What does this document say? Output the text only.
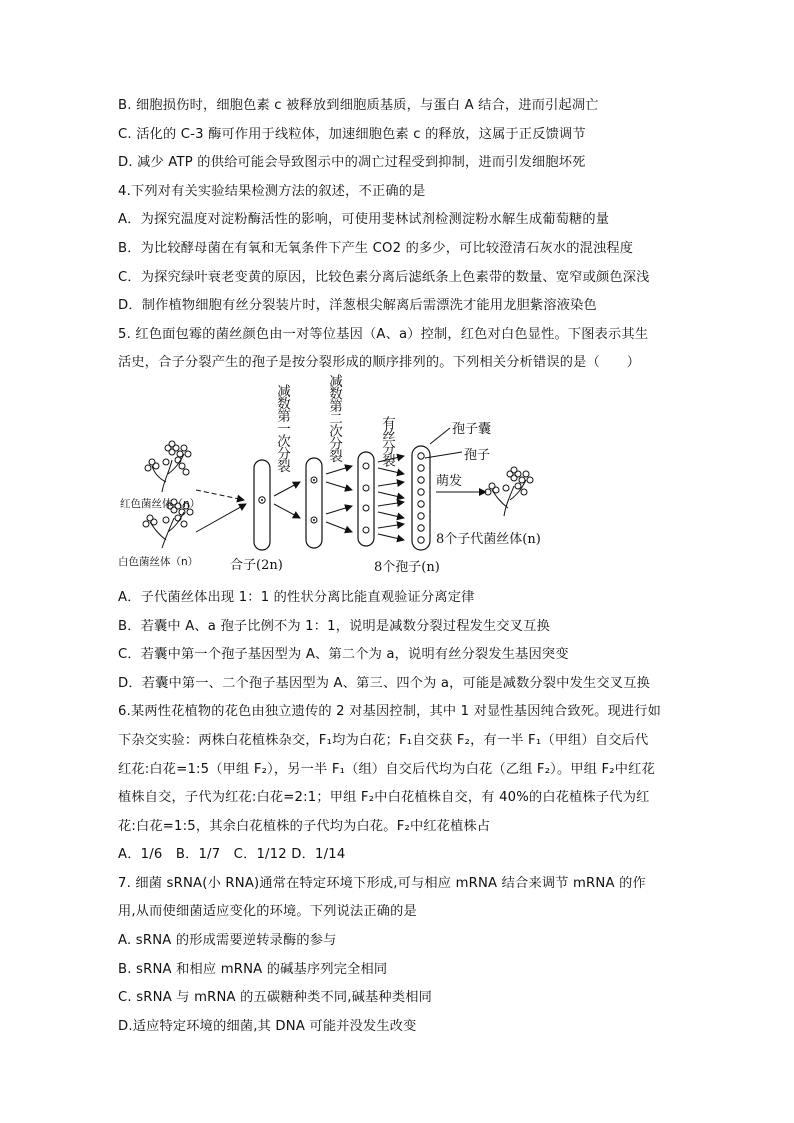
B. 细胞损伤时，细胞色素 c 被释放到细胞质基质，与蛋白 A 结合，进而引起凋亡
C. 活化的 C-3 酶可作用于线粒体，加速细胞色素 c 的释放，这属于正反馈调节
D. 减少 ATP 的供给可能会导致图示中的凋亡过程受到抑制，进而引发细胞坏死
4.下列对有关实验结果检测方法的叙述，不正确的是
A．为探究温度对淀粉酶活性的影响，可使用斐林试剂检测淀粉水解生成葡萄糖的量
B．为比较酵母菌在有氧和无氧条件下产生 CO2 的多少，可比较澄清石灰水的混浊程度
C．为探究绿叶衰老变黄的原因，比较色素分离后滤纸条上色素带的数量、宽窄或颜色深浅
D．制作植物细胞有丝分裂装片时，洋葱根尖解离后需漂洗才能用龙胆紫溶液染色
5. 红色面包霉的菌丝颜色由一对等位基因（A、a）控制，红色对白色显性。下图表示其生
活史，合子分裂产生的孢子是按分裂形成的顺序排列的。下列相关分析错误的是（　　）
红色菌丝体（n）
白色菌丝体（n） 合子(2n)
减数第一次分裂	减数第二次分裂	有丝分裂	孢子囊
孢子
萌发
8个孢子(n)
8个子代菌丝体(n)
A．子代菌丝体出现 1：1 的性状分离比能直观验证分离定律
B．若囊中 A、a 孢子比例不为 1：1，说明是减数分裂过程发生交叉互换
C．若囊中第一个孢子基因型为 A、第二个为 a，说明有丝分裂发生基因突变
D．若囊中第一、二个孢子基因型为 A、第三、四个为 a，可能是减数分裂中发生交叉互换
6.某两性花植物的花色由独立遗传的 2 对基因控制，其中 1 对显性基因纯合致死。现进行如
下杂交实验：两株白花植株杂交，F₁均为白花；F₁自交获 F₂，有一半 F₁（甲组）自交后代
红花:白花=1:5（甲组 F₂），另一半 F₁（组）自交后代均为白花（乙组 F₂）。甲组 F₂中红花
植株自交，子代为红花:白花=2:1；甲组 F₂中白花植株自交，有 40%的白花植株子代为红
花:白花=1:5，其余白花植株的子代均为白花。F₂中红花植株占
A．1/6　B．1/7　C．1/12 D．1/14
7. 细菌 sRNA(小 RNA)通常在特定环境下形成,可与相应 mRNA 结合来调节 mRNA 的作
用,从而使细菌适应变化的环境。下列说法正确的是
A. sRNA 的形成需要逆转录酶的参与
B. sRNA 和相应 mRNA 的碱基序列完全相同
C. sRNA 与 mRNA 的五碳糖种类不同,碱基种类相同
D.适应特定环境的细菌,其 DNA 可能并没发生改变
